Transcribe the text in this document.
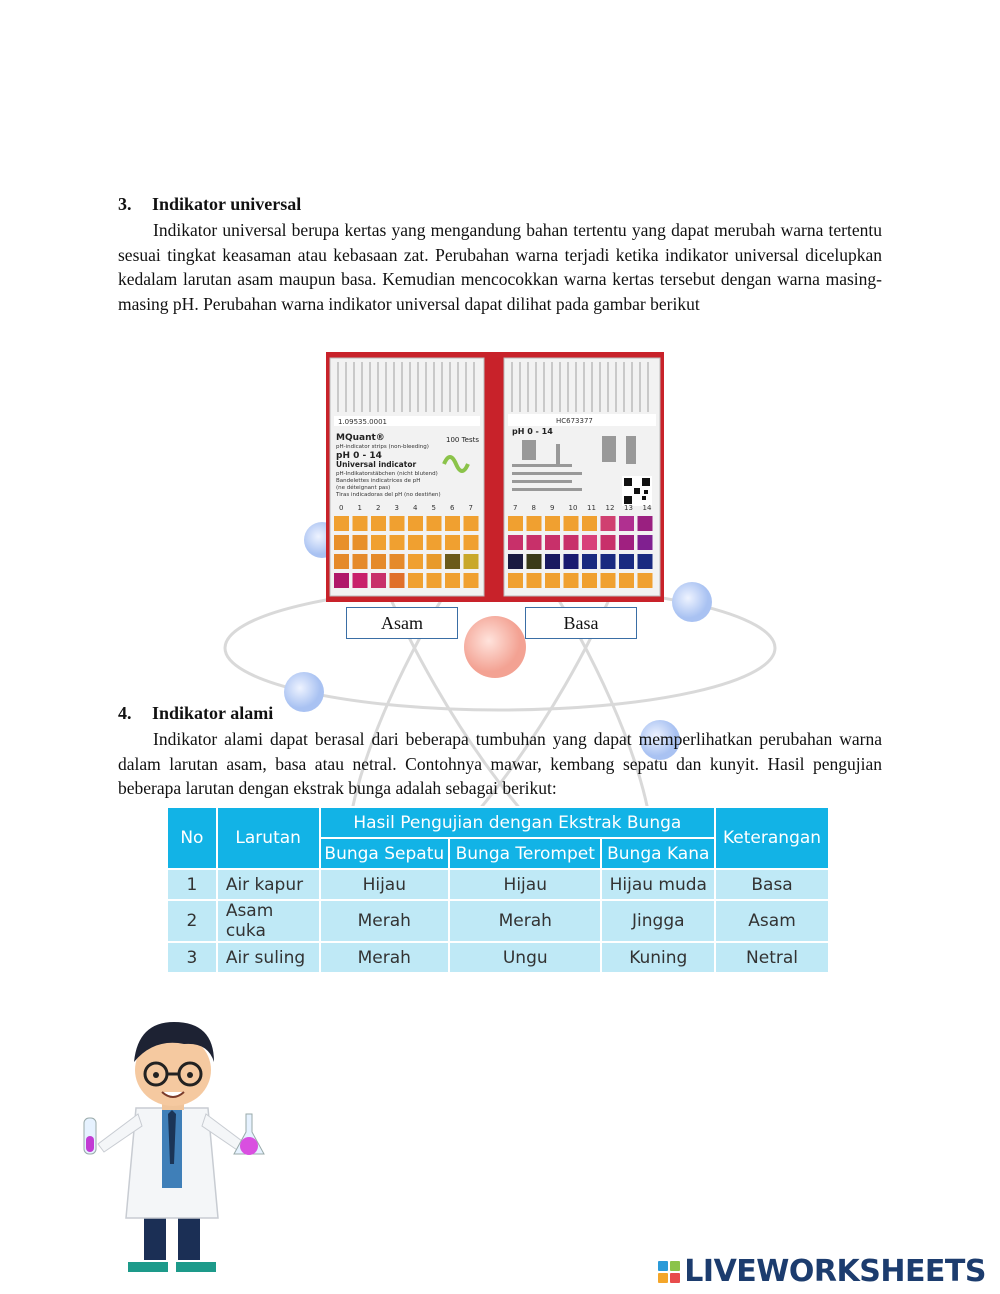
3. Indikator universal
Indikator universal berupa kertas yang mengandung bahan tertentu yang dapat merubah warna tertentu sesuai tingkat keasaman atau kebasaan zat. Perubahan warna terjadi ketika indikator universal dicelupkan kedalam larutan asam maupun basa. Kemudian mencocokkan warna kertas tersebut dengan warna masing-masing pH. Perubahan warna indikator universal dapat dilihat pada gambar berikut
1.09535.0001
100 Tests
MQuant®
pH-indicator strips (non-bleeding)
pH 0 - 14
Universal indicator
pH-Indikatorstäbchen (nicht blutend)
Bandelettes indicatrices de pH
(ne déteignant pas)
Tiras indicadoras del pH (no destiñen)
0 1 2 3 4 5 6 7
HC673377
pH 0 - 14
7 8 9 10 11 12 13 14
Asam	Basa
4. Indikator alami
Indikator alami dapat berasal dari beberapa tumbuhan yang dapat memperlihatkan perubahan warna dalam larutan asam, basa atau netral. Contohnya mawar, kembang sepatu dan kunyit. Hasil pengujian beberapa larutan dengan ekstrak bunga adalah sebagai berikut:
No	Larutan	Hasil Pengujian dengan Ekstrak Bunga			Keterangan
		Bunga Sepatu	Bunga Terompet	Bunga Kana	
1	Air kapur	Hijau	Hijau	Hijau muda	Basa
2	Asam cuka	Merah	Merah	Jingga	Asam
3	Air suling	Merah	Ungu	Kuning	Netral
LIVEWORKSHEETS
